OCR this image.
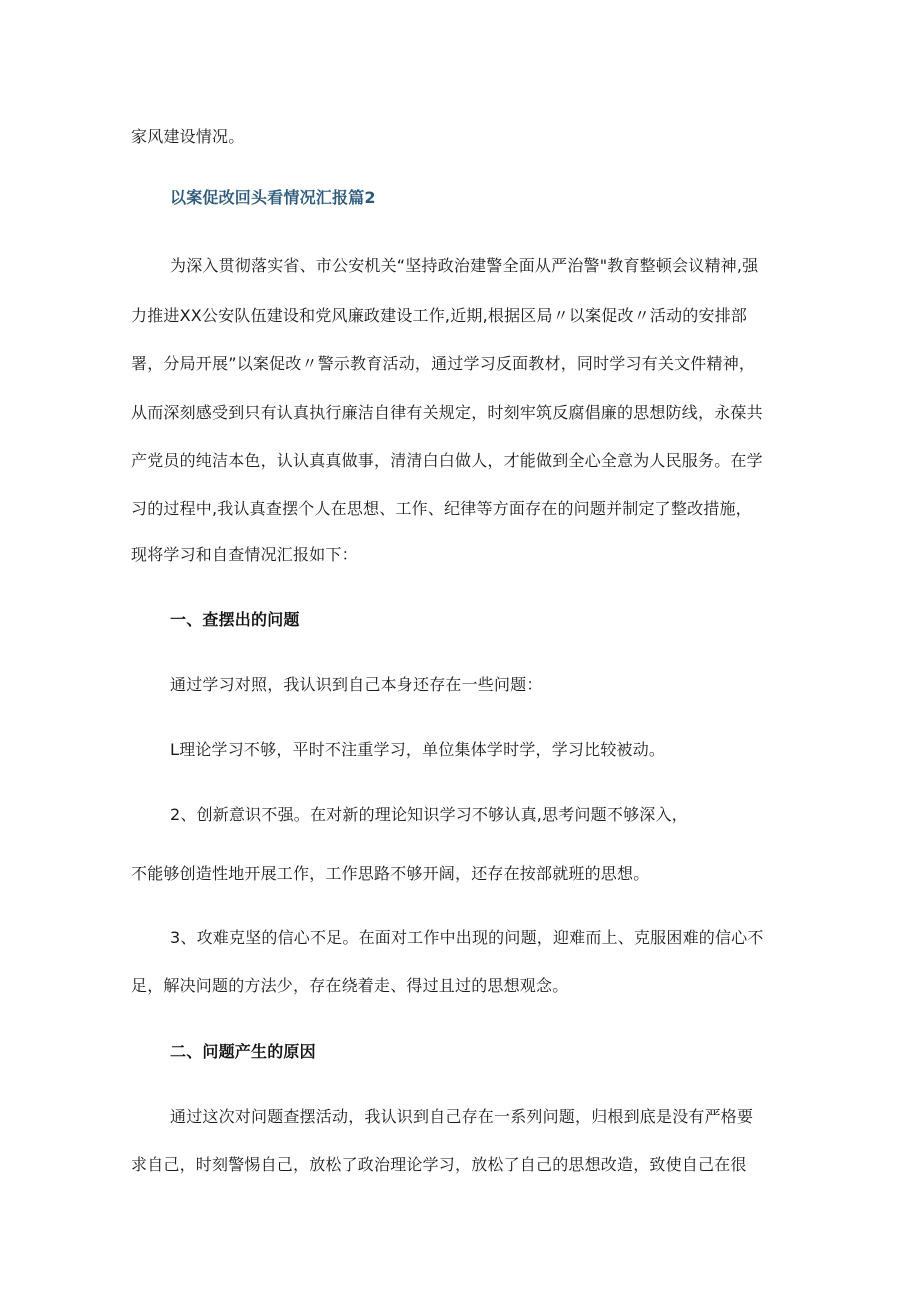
家风建设情况。
以案促改回头看情况汇报篇2
为深入贯彻落实省、市公安机关“坚持政治建警全面从严治警"教育整顿会议精神,强
力推进XX公安队伍建设和党风廉政建设工作,近期,根据区局〃以案促改〃活动的安排部
署，分局开展”以案促改〃警示教育活动，通过学习反面教材，同时学习有关文件精神，
从而深刻感受到只有认真执行廉洁自律有关规定，时刻牢筑反腐倡廉的思想防线，永葆共
产党员的纯洁本色，认认真真做事，清清白白做人，才能做到全心全意为人民服务。在学
习的过程中,我认真查摆个人在思想、工作、纪律等方面存在的问题并制定了整改措施，
现将学习和自查情况汇报如下：
一、查摆出的问题
通过学习对照，我认识到自己本身还存在一些问题：
L理论学习不够，平时不注重学习，单位集体学时学，学习比较被动。
2、创新意识不强。在对新的理论知识学习不够认真,思考问题不够深入，
不能够创造性地开展工作，工作思路不够开阔，还存在按部就班的思想。
3、攻难克坚的信心不足。在面对工作中出现的问题，迎难而上、克服困难的信心不
足，解决问题的方法少，存在绕着走、得过且过的思想观念。
二、问题产生的原因
通过这次对问题查摆活动，我认识到自己存在一系列问题，归根到底是没有严格要
求自己，时刻警惕自己，放松了政治理论学习，放松了自己的思想改造，致使自己在很
